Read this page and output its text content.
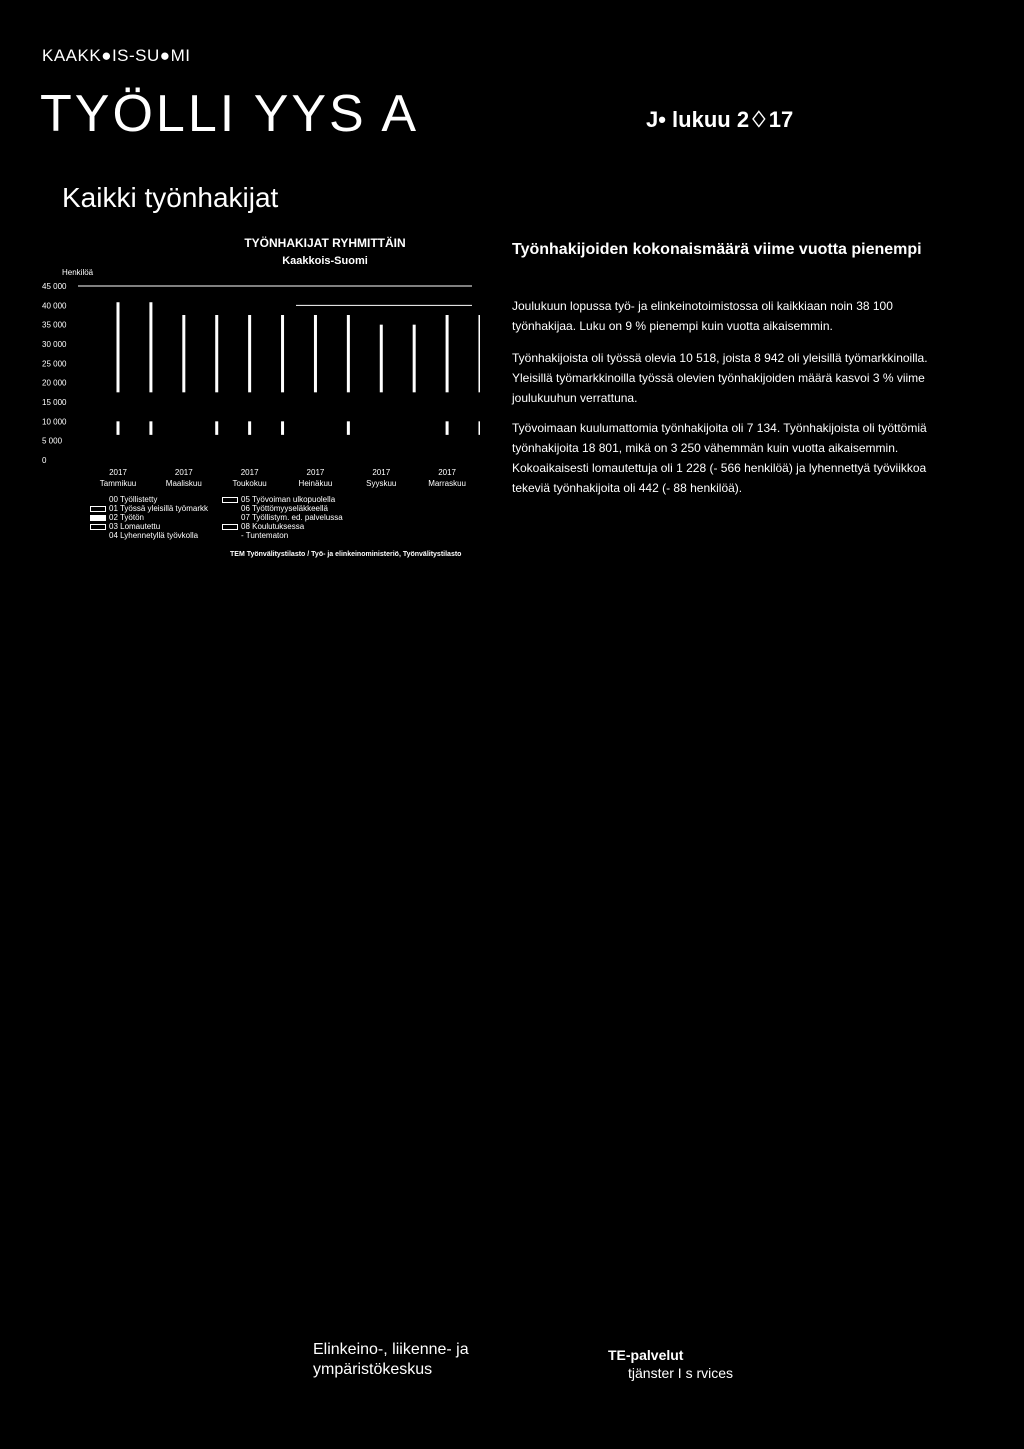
KAAKK●IS-SU●MI
TYÖLLI YYS A	J• lukuu 2♢17
Kaikki työnhakijat
TYÖNHAKIJAT RYHMITTÄIN
Kaakkois-Suomi
Henkilöä
45 000
40 000
35 000
30 000
25 000
20 000
15 000
10 000
5 000
0
2017
Tammikuu
2017
Maaliskuu
2017
Toukokuu
2017
Heinäkuu
2017
Syyskuu
2017
Marraskuu
00 Työllistetty
01 Työssä yleisillä työmarkk
02 Työtön
03 Lomautettu
04 Lyhennetyllä työvkolla
05 Työvoiman ulkopuolella
06 Työttömyyseläkkeellä
07 Työllistym. ed. palvelussa
08 Koulutuksessa
- Tuntematon
TEM Työnvälitystilasto / Työ- ja elinkeinoministeriö, Työnvälitystilasto
Työnhakijoiden kokonaismäärä viime vuotta pienempi
Joulukuun lopussa työ- ja elinkeinotoimistossa oli kaikkiaan noin 38 100 työnhakijaa. Luku on 9 % pienempi kuin vuotta aikaisemmin.
Työnhakijoista oli työssä olevia 10 518, joista 8 942 oli yleisillä työmarkkinoilla. Yleisillä työmarkkinoilla työssä olevien työnhakijoiden määrä kasvoi 3 % viime joulukuuhun verrattuna.
Työvoimaan kuulumattomia työnhakijoita oli 7 134. Työnhakijoista oli työttömiä työnhakijoita 18 801, mikä on 3 250 vähemmän kuin vuotta aikaisemmin. Kokoaikaisesti lomautettuja oli 1 228 (- 566 henkilöä) ja lyhennettyä työviikkoa tekeviä työnhakijoita oli 442 (- 88 henkilöä).
Elinkeino-, liikenne- ja
ympäristökeskus
TE-palvelut
tjänster I s rvices
